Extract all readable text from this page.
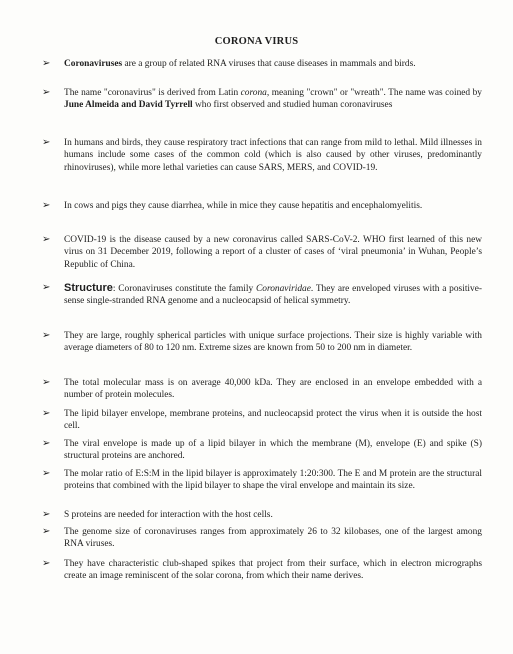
CORONA VIRUS
➢	Coronaviruses are a group of related RNA viruses that cause diseases in mammals and birds.
➢	The name "coronavirus" is derived from Latin corona, meaning "crown" or "wreath". The name was coined by June Almeida and David Tyrrell who first observed and studied human coronaviruses
➢	In humans and birds, they cause respiratory tract infections that can range from mild to lethal. Mild illnesses in humans include some cases of the common cold (which is also caused by other viruses, predominantly rhinoviruses), while more lethal varieties can cause SARS, MERS, and COVID-19.
➢	In cows and pigs they cause diarrhea, while in mice they cause hepatitis and encephalomyelitis.
➢	COVID-19 is the disease caused by a new coronavirus called SARS-CoV-2. WHO first learned of this new virus on 31 December 2019, following a report of a cluster of cases of ‘viral pneumonia’ in Wuhan, People’s Republic of China.
➢	Structure: Coronaviruses constitute the family Coronaviridae. They are enveloped viruses with a positive-sense single-stranded RNA genome and a nucleocapsid of helical symmetry.
➢	They are large, roughly spherical particles with unique surface projections. Their size is highly variable with average diameters of 80 to 120 nm. Extreme sizes are known from 50 to 200 nm in diameter.
➢	The total molecular mass is on average 40,000 kDa. They are enclosed in an envelope embedded with a number of protein molecules.
➢	The lipid bilayer envelope, membrane proteins, and nucleocapsid protect the virus when it is outside the host cell.
➢	The viral envelope is made up of a lipid bilayer in which the membrane (M), envelope (E) and spike (S) structural proteins are anchored.
➢	The molar ratio of E:S:M in the lipid bilayer is approximately 1:20:300. The E and M protein are the structural proteins that combined with the lipid bilayer to shape the viral envelope and maintain its size.
➢	S proteins are needed for interaction with the host cells.
➢	The genome size of coronaviruses ranges from approximately 26 to 32 kilobases, one of the largest among RNA viruses.
➢	They have characteristic club-shaped spikes that project from their surface, which in electron micrographs create an image reminiscent of the solar corona, from which their name derives.
